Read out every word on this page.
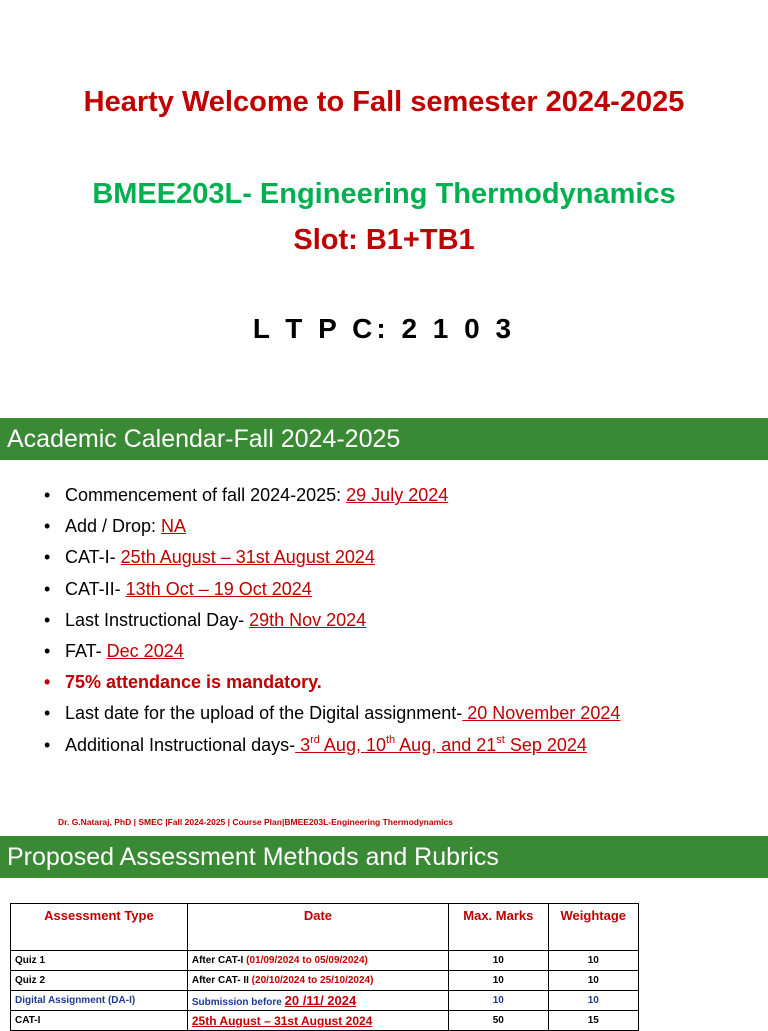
Hearty Welcome to Fall semester 2024-2025
BMEE203L- Engineering Thermodynamics
Slot: B1+TB1
L T P C: 2 1 0 3
Academic Calendar-Fall 2024-2025
• Commencement of fall 2024-2025: 29 July 2024
• Add / Drop: NA
• CAT-I- 25th August – 31st August 2024
• CAT-II- 13th Oct – 19 Oct 2024
• Last Instructional Day- 29th Nov 2024
• FAT- Dec 2024
• 75% attendance is mandatory.
• Last date for the upload of the Digital assignment- 20 November 2024
• Additional Instructional days- 3rd Aug, 10th Aug, and 21st Sep 2024
Dr. G.Nataraj, PhD | SMEC |Fall 2024-2025 | Course Plan|BMEE203L-Engineering Thermodynamics
Proposed Assessment Methods and Rubrics
Assessment Type	Date	Max. Marks	Weightage
Quiz 1	After CAT-I (01/09/2024 to 05/09/2024)	10	10
Quiz 2	After CAT- II (20/10/2024 to 25/10/2024)	10	10
Digital Assignment (DA-I)	Submission before 20 /11/ 2024	10	10
CAT-I	25th August – 31st August 2024	50	15
